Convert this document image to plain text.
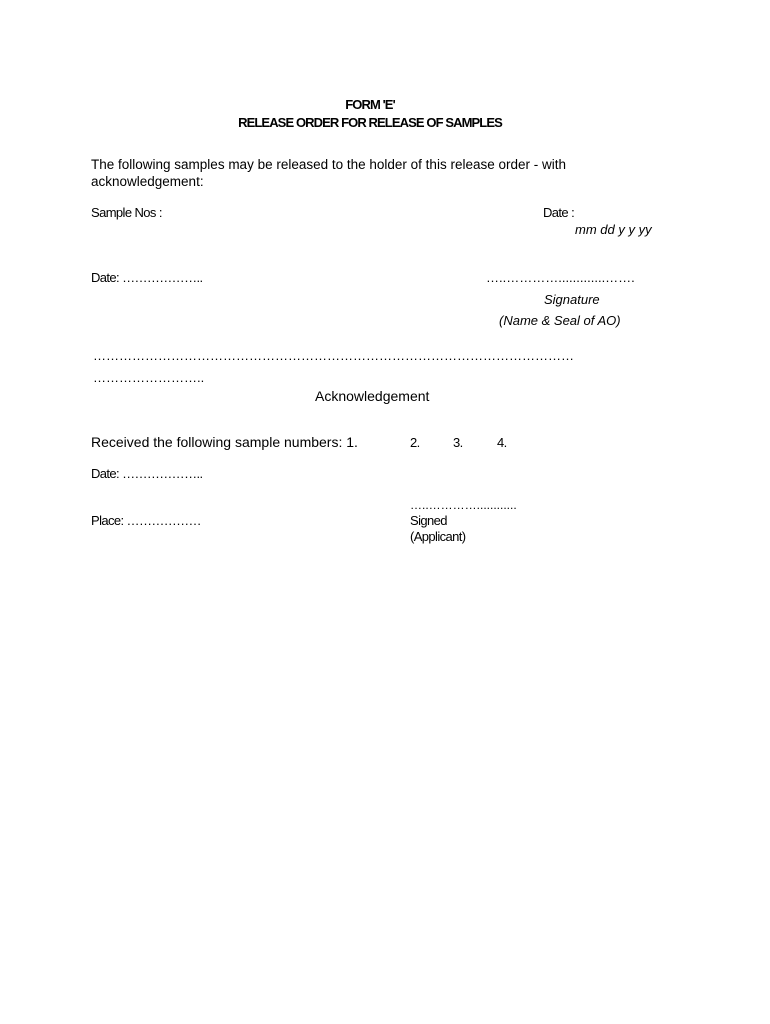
FORM 'E'
RELEASE ORDER FOR RELEASE OF SAMPLES
The following samples may be released to the holder of this release order - with acknowledgement:
Sample Nos :	Date :
mm dd y y yy
Date: ………………..	…..………….............…….
Signature
(Name & Seal of AO)
…………………………………………………………………………………………………
……………………..
Acknowledgement
Received the following sample numbers: 1.	2.	3.	4.
Date: ………………..
…..…………............
Place: ………………	Signed
(Applicant)
